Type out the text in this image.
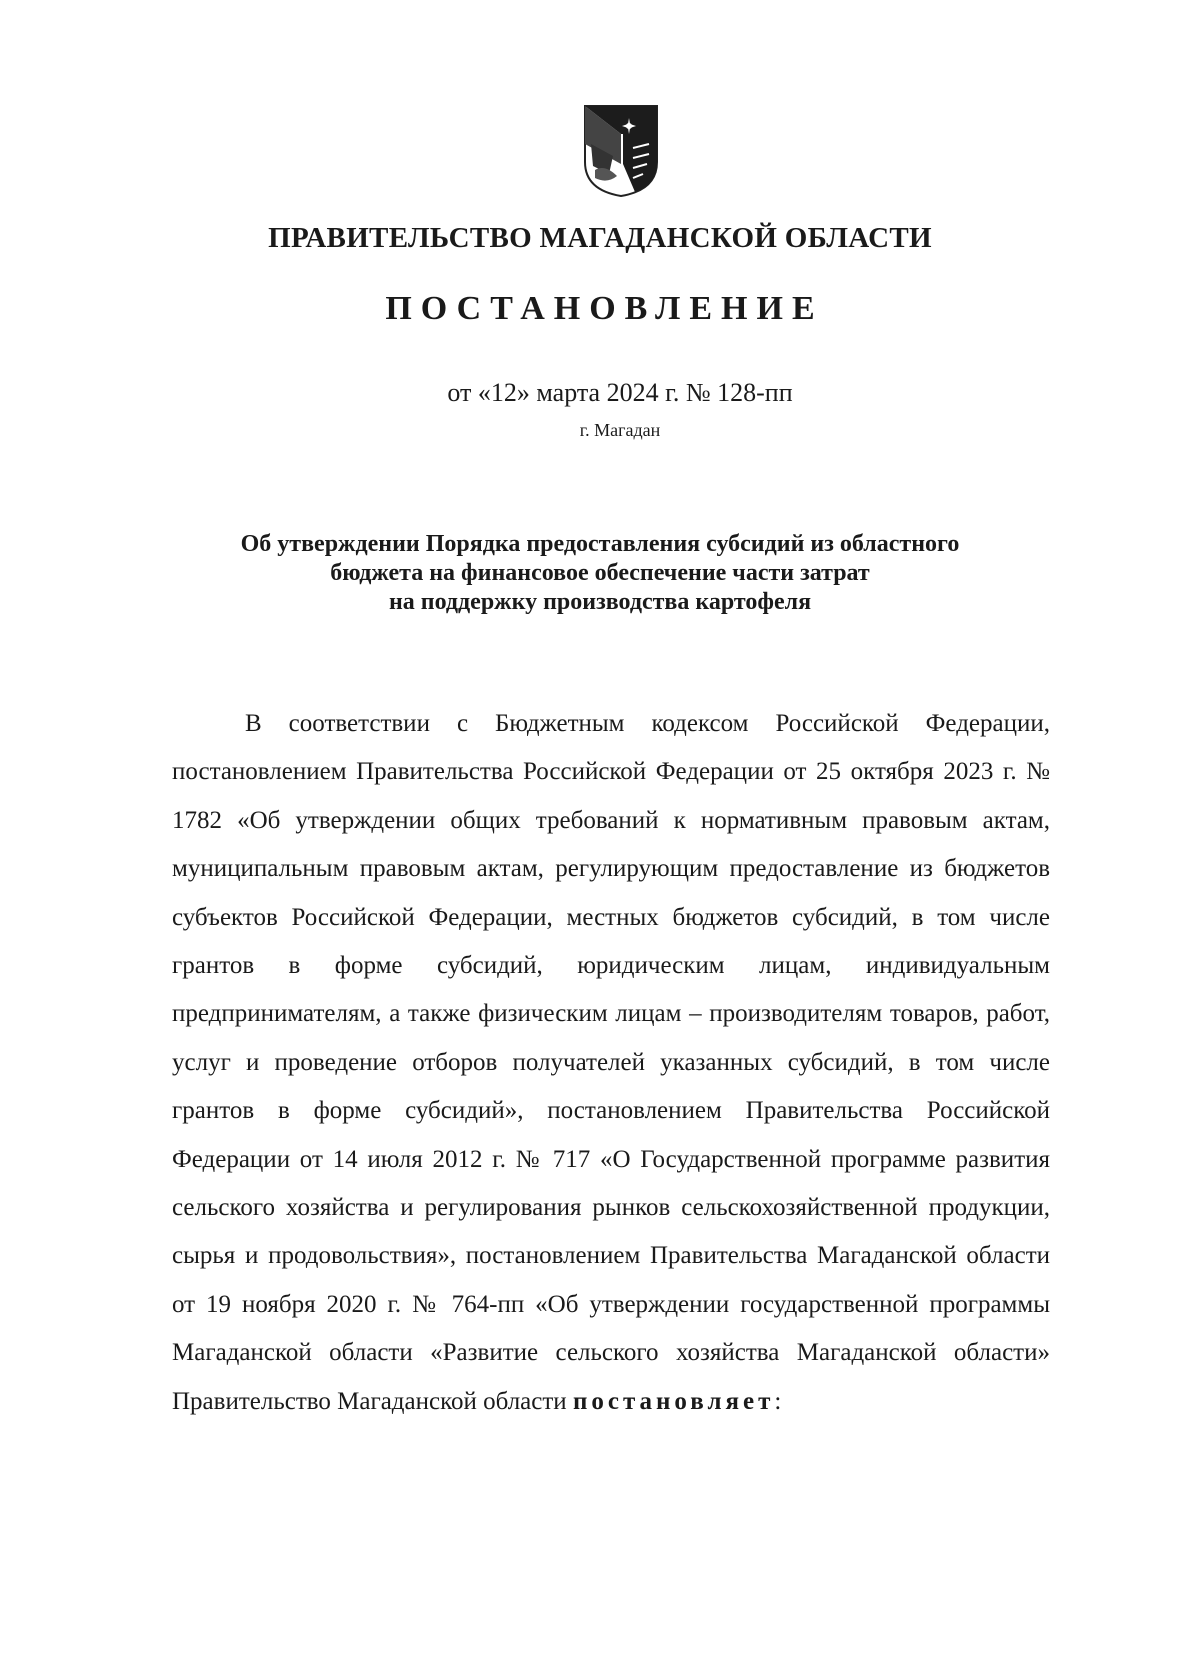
ПРАВИТЕЛЬСТВО МАГАДАНСКОЙ ОБЛАСТИ
ПОСТАНОВЛЕНИЕ
от «12» марта 2024 г. № 128-пп
г. Магадан
Об утверждении Порядка предоставления субсидий из областного
бюджета на финансовое обеспечение части затрат
на поддержку производства картофеля

В соответствии с Бюджетным кодексом Российской Федерации, постановлением Правительства Российской Федерации от 25 октября 2023 г. № 1782 «Об утверждении общих требований к нормативным правовым актам, муниципальным правовым актам, регулирующим предоставление из бюджетов субъектов Российской Федерации, местных бюджетов субсидий, в том числе грантов в форме субсидий, юридическим лицам, индивидуальным предпринимателям, а также физическим лицам – производителям товаров, работ, услуг и проведение отборов получателей указанных субсидий, в том числе грантов в форме субсидий», постановлением Правительства Российской Федерации от 14 июля 2012 г. № 717 «О Государственной программе развития сельского хозяйства и регулирования рынков сельскохозяйственной продукции, сырья и продовольствия», постановлением Правительства Магаданской области от 19 ноября 2020 г. № 764-пп «Об утверждении государственной программы Магаданской области «Развитие сельского хозяйства Магаданской области» Правительство Магаданской области постановляет:
